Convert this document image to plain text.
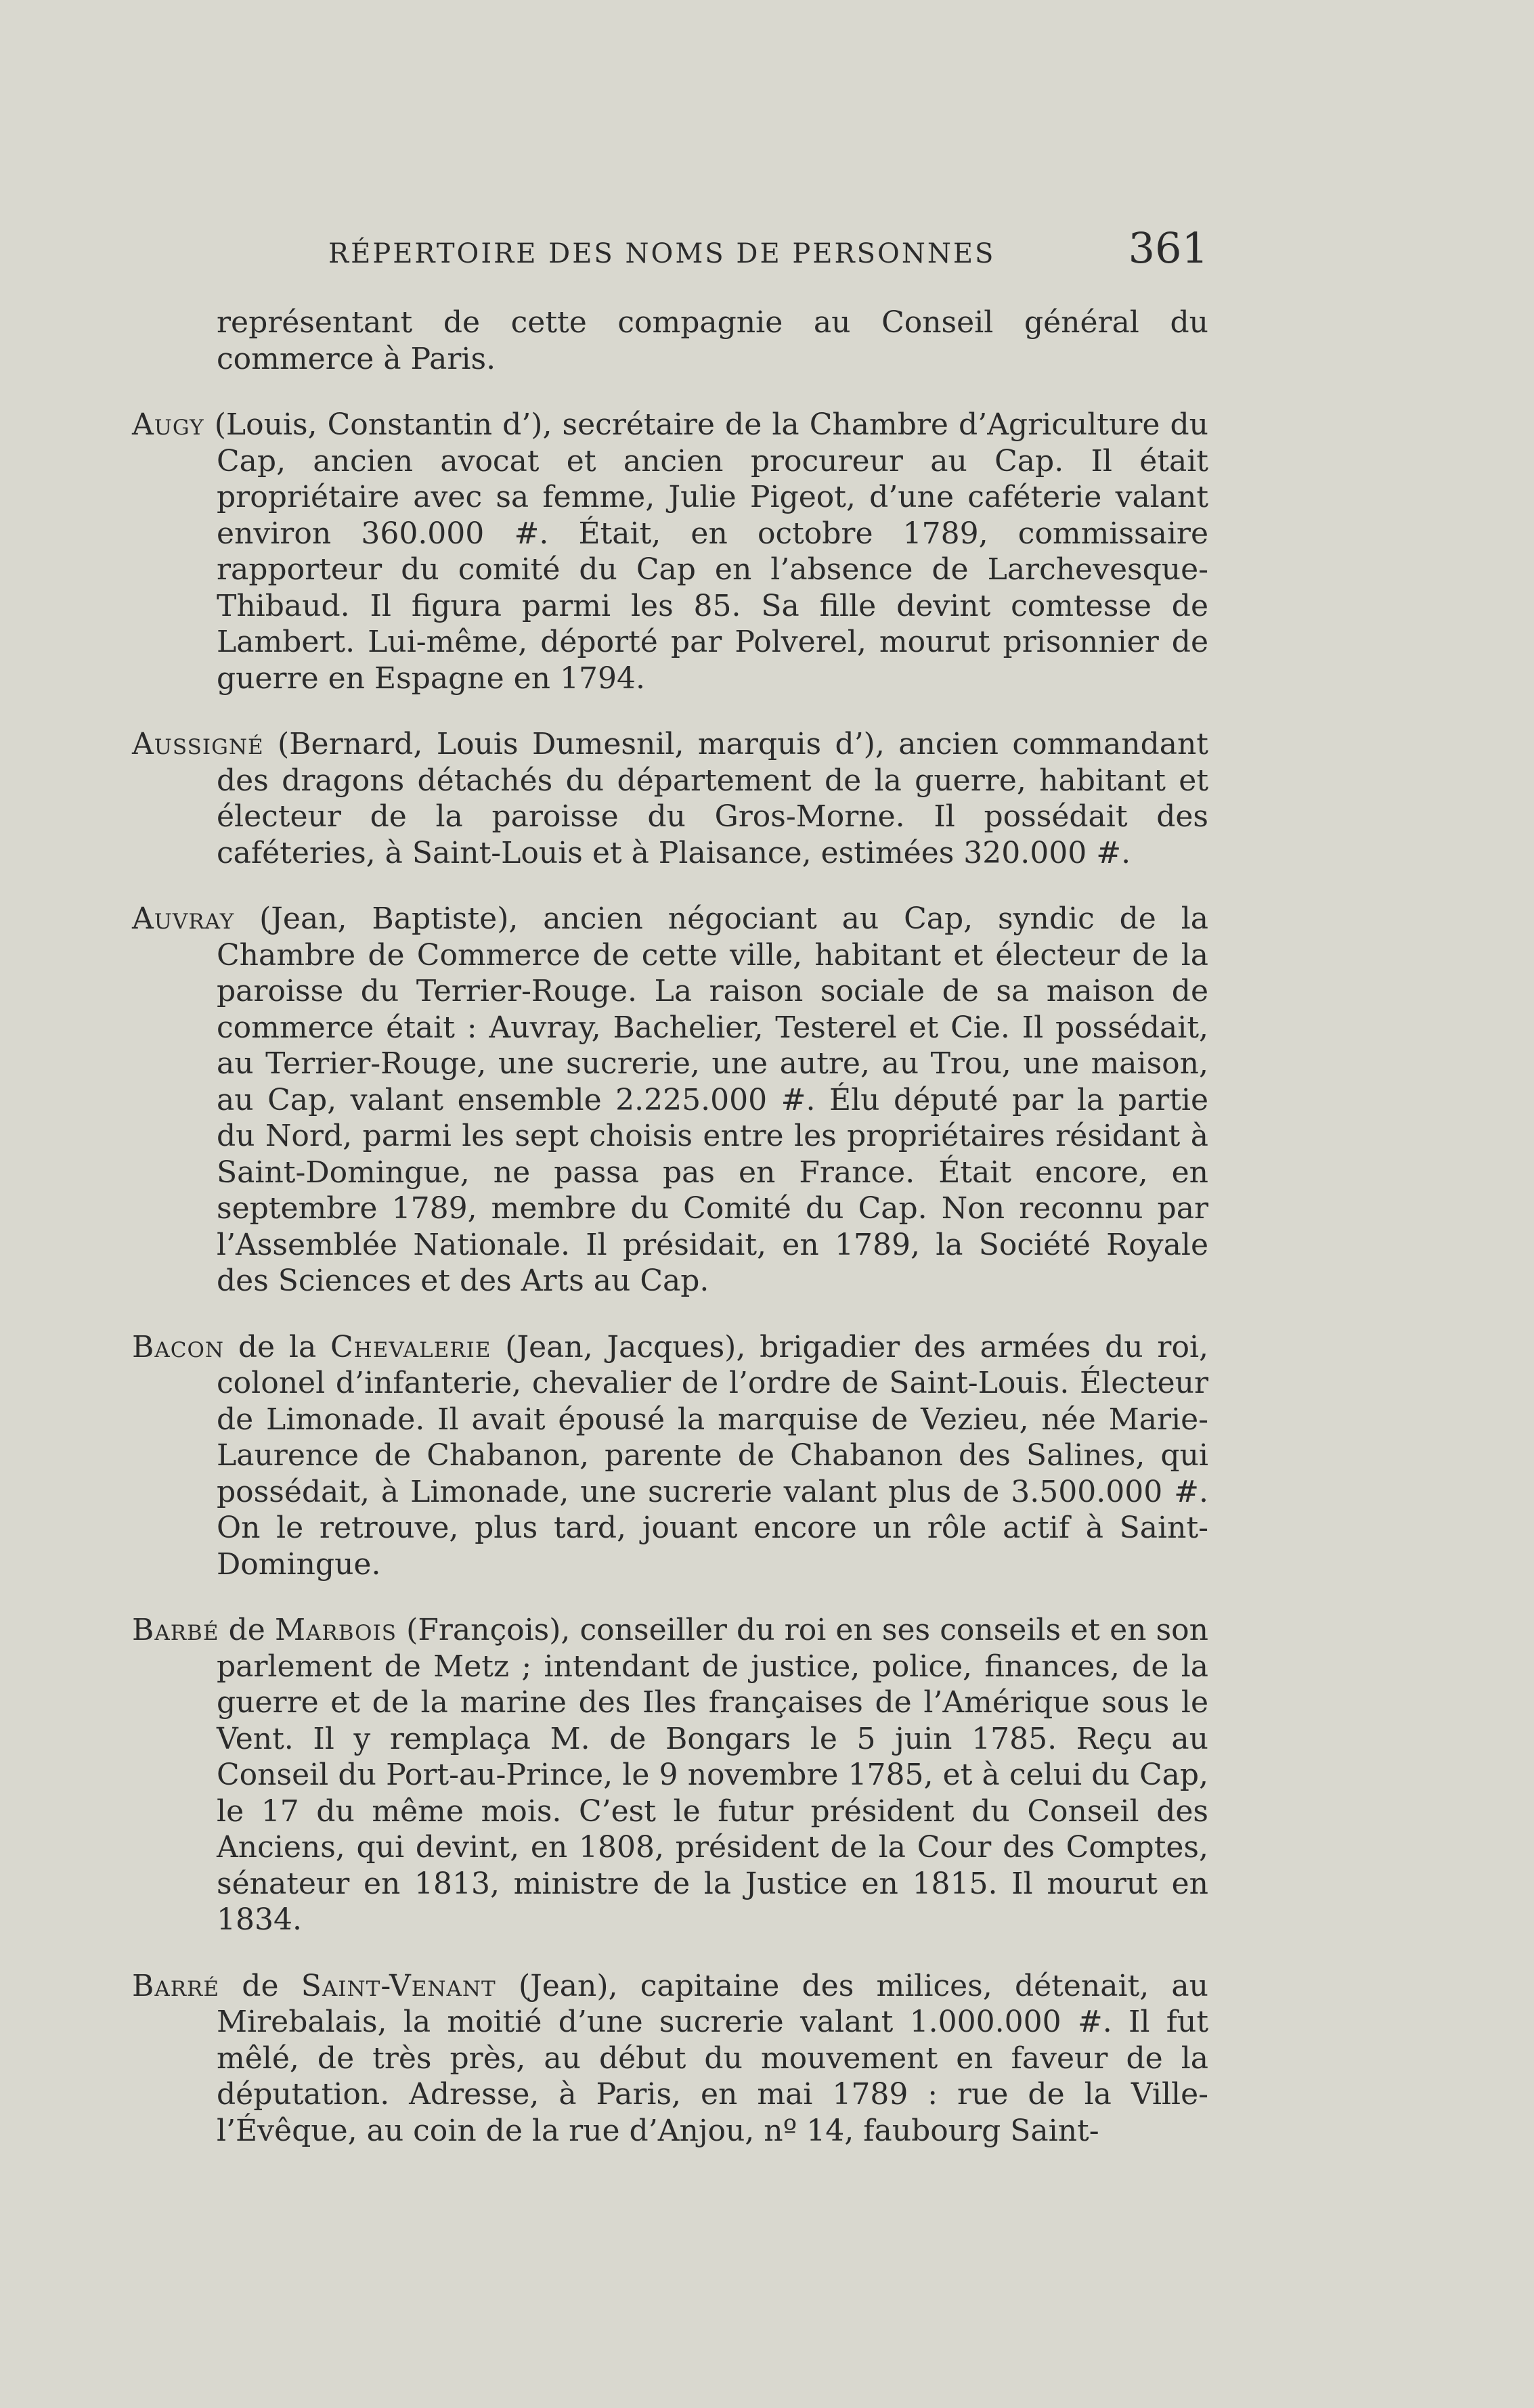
RÉPERTOIRE DES NOMS DE PERSONNES	361

représentant de cette compagnie au Conseil général du commerce à Paris.

Augy (Louis, Constantin d’), secrétaire de la Chambre d’Agriculture du Cap, ancien avocat et ancien procureur au Cap. Il était propriétaire avec sa femme, Julie Pigeot, d’une caféterie valant environ 360.000 #. Était, en octobre 1789, commissaire rapporteur du comité du Cap en l’absence de Larchevesque-Thibaud. Il figura parmi les 85. Sa fille devint comtesse de Lambert. Lui-même, déporté par Polverel, mourut prisonnier de guerre en Espagne en 1794.

Aussigné (Bernard, Louis Dumesnil, marquis d’), ancien commandant des dragons détachés du département de la guerre, habitant et électeur de la paroisse du Gros-Morne. Il possédait des caféteries, à Saint-Louis et à Plaisance, estimées 320.000 #.

Auvray (Jean, Baptiste), ancien négociant au Cap, syndic de la Chambre de Commerce de cette ville, habitant et électeur de la paroisse du Terrier-Rouge. La raison sociale de sa maison de commerce était : Auvray, Bachelier, Testerel et Cie. Il possédait, au Terrier-Rouge, une sucrerie, une autre, au Trou, une maison, au Cap, valant ensemble 2.225.000 #. Élu député par la partie du Nord, parmi les sept choisis entre les propriétaires résidant à Saint-Domingue, ne passa pas en France. Était encore, en septembre 1789, membre du Comité du Cap. Non reconnu par l’Assemblée Nationale. Il présidait, en 1789, la Société Royale des Sciences et des Arts au Cap.

Bacon de la Chevalerie (Jean, Jacques), brigadier des armées du roi, colonel d’infanterie, chevalier de l’ordre de Saint-Louis. Électeur de Limonade. Il avait épousé la marquise de Vezieu, née Marie-Laurence de Chabanon, parente de Chabanon des Salines, qui possédait, à Limonade, une sucrerie valant plus de 3.500.000 #. On le retrouve, plus tard, jouant encore un rôle actif à Saint-Domingue.

Barbé de Marbois (François), conseiller du roi en ses conseils et en son parlement de Metz ; intendant de justice, police, finances, de la guerre et de la marine des Iles françaises de l’Amérique sous le Vent. Il y remplaça M. de Bongars le 5 juin 1785. Reçu au Conseil du Port-au-Prince, le 9 novembre 1785, et à celui du Cap, le 17 du même mois. C’est le futur président du Conseil des Anciens, qui devint, en 1808, président de la Cour des Comptes, sénateur en 1813, ministre de la Justice en 1815. Il mourut en 1834.

Barré de Saint-Venant (Jean), capitaine des milices, détenait, au Mirebalais, la moitié d’une sucrerie valant 1.000.000 #. Il fut mêlé, de très près, au début du mouvement en faveur de la députation. Adresse, à Paris, en mai 1789 : rue de la Ville-l’Évêque, au coin de la rue d’Anjou, nº 14, faubourg Saint-
